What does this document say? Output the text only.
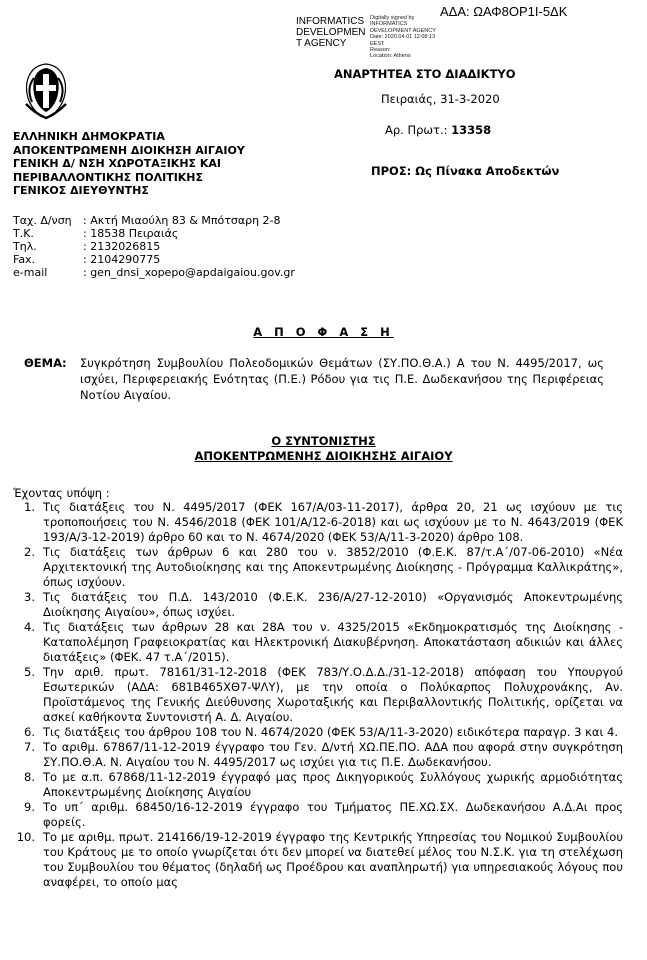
ΑΔΑ: ΩΑΦ8ΟΡ1Ι-5ΔΚ
INFORMATICS DEVELOPMEN T AGENCY
Digitally signed by
INFORMATICS
DEVELOPMENT AGENCY
Date: 2020.04.01 12:08:13
EEST
Reason:
Location: Athens
ΕΛΛΗΝΙΚΗ ΔΗΜΟΚΡΑΤΙΑ
ΑΠΟΚΕΝΤΡΩΜΕΝΗ ΔΙΟΙΚΗΣΗ ΑΙΓΑΙΟΥ
ΓΕΝΙΚΗ Δ/ ΝΣΗ ΧΩΡΟΤΑΞΙΚΗΣ ΚΑΙ
ΠΕΡΙΒΑΛΛΟΝΤΙΚΗΣ ΠΟΛΙΤΙΚΗΣ
ΓΕΝΙΚΟΣ ΔΙΕΥΘΥΝΤΗΣ
ΑΝΑΡΤΗΤΕΑ ΣΤΟ ΔΙΑΔΙΚΤΥΟ
Πειραιάς, 31-3-2020
Αρ. Πρωτ.: 13358
ΠΡΟΣ: Ως Πίνακα Αποδεκτών
Ταχ. Δ/νση	: Ακτή Μιαούλη 83 & Μπότσαρη 2-8
Τ.Κ.	: 18538 Πειραιάς
Τηλ.	: 2132026815
Fax.	: 2104290775
e-mail	: gen_dnsi_xopepo@apdaigaiou.gov.gr
Α Π Ο Φ Α Σ Η
ΘΕΜΑ:	Συγκρότηση Συμβουλίου Πολεοδομικών Θεμάτων (ΣΥ.ΠΟ.Θ.Α.) Α του Ν. 4495/2017, ως ισχύει, Περιφερειακής Ενότητας (Π.Ε.) Ρόδου για τις Π.Ε. Δωδεκανήσου της Περιφέρειας Νοτίου Αιγαίου.
Ο ΣΥΝΤΟΝΙΣΤΗΣ
ΑΠΟΚΕΝΤΡΩΜΕΝΗΣ ΔΙΟΙΚΗΣΗΣ ΑΙΓΑΙΟΥ
Έχοντας υπόψη :
1. Τις διατάξεις του Ν. 4495/2017 (ΦΕΚ 167/Α/03-11-2017), άρθρα 20, 21 ως ισχύουν με τις τροποποιήσεις του Ν. 4546/2018 (ΦΕΚ 101/Α/12-6-2018) και ως ισχύουν με το Ν. 4643/2019 (ΦΕΚ 193/Α/3-12-2019) άρθρο 60 και το Ν. 4674/2020 (ΦΕΚ 53/Α/11-3-2020) άρθρο 108.
2. Τις διατάξεις των άρθρων 6 και 280 του ν. 3852/2010 (Φ.Ε.Κ. 87/τ.Α΄/07-06-2010) «Νέα Αρχιτεκτονική της Αυτοδιοίκησης και της Αποκεντρωμένης Διοίκησης - Πρόγραμμα Καλλικράτης», όπως ισχύουν.
3. Τις διατάξεις του Π.Δ. 143/2010 (Φ.Ε.Κ. 236/Α/27-12-2010) «Οργανισμός Αποκεντρωμένης Διοίκησης Αιγαίου», όπως ισχύει.
4. Τις διατάξεις των άρθρων 28 και 28Α του ν. 4325/2015 «Εκδημοκρατισμός της Διοίκησης - Καταπολέμηση Γραφειοκρατίας και Ηλεκτρονική Διακυβέρνηση. Αποκατάσταση αδικιών και άλλες διατάξεις» (ΦΕΚ. 47 τ.Α΄/2015).
5. Την αριθ. πρωτ. 78161/31-12-2018 (ΦΕΚ 783/Υ.Ο.Δ.Δ./31-12-2018) απόφαση του Υπουργού Εσωτερικών (ΑΔΑ: 681Β465ΧΘ7-ΨΛΥ), με την οποία ο Πολύκαρπος Πολυχρονάκης, Αν. Προϊστάμενος της Γενικής Διεύθυνσης Χωροταξικής και Περιβαλλοντικής Πολιτικής, ορίζεται να ασκεί καθήκοντα Συντονιστή Α. Δ. Αιγαίου.
6. Τις διατάξεις του άρθρου 108 του Ν. 4674/2020 (ΦΕΚ 53/Α/11-3-2020) ειδικότερα παραγρ. 3 και 4.
7. Το αριθμ. 67867/11-12-2019 έγγραφο του Γεν. Δ/ντή ΧΩ.ΠΕ.ΠΟ. ΑΔΑ που αφορά στην συγκρότηση ΣΥ.ΠΟ.Θ.Α. Ν. Αιγαίου του Ν. 4495/2017 ως ισχύει για τις Π.Ε. Δωδεκανήσου.
8. Το με α.π. 67868/11-12-2019 έγγραφό μας προς Δικηγορικούς Συλλόγους χωρικής αρμοδιότητας Αποκεντρωμένης Διοίκησης Αιγαίου
9. Το υπ΄ αριθμ. 68450/16-12-2019 έγγραφο του Τμήματος ΠΕ.ΧΩ.ΣΧ. Δωδεκανήσου Α.Δ.Αι προς φορείς.
10. Το με αριθμ. πρωτ. 214166/19-12-2019 έγγραφο της Κεντρικής Υπηρεσίας του Νομικού Συμβουλίου του Κράτους με το οποίο γνωρίζεται ότι δεν μπορεί να διατεθεί μέλος του Ν.Σ.Κ. για τη στελέχωση του Συμβουλίου του θέματος (δηλαδή ως Προέδρου και αναπληρωτή) για υπηρεσιακούς λόγους που αναφέρει, το οποίο μας
